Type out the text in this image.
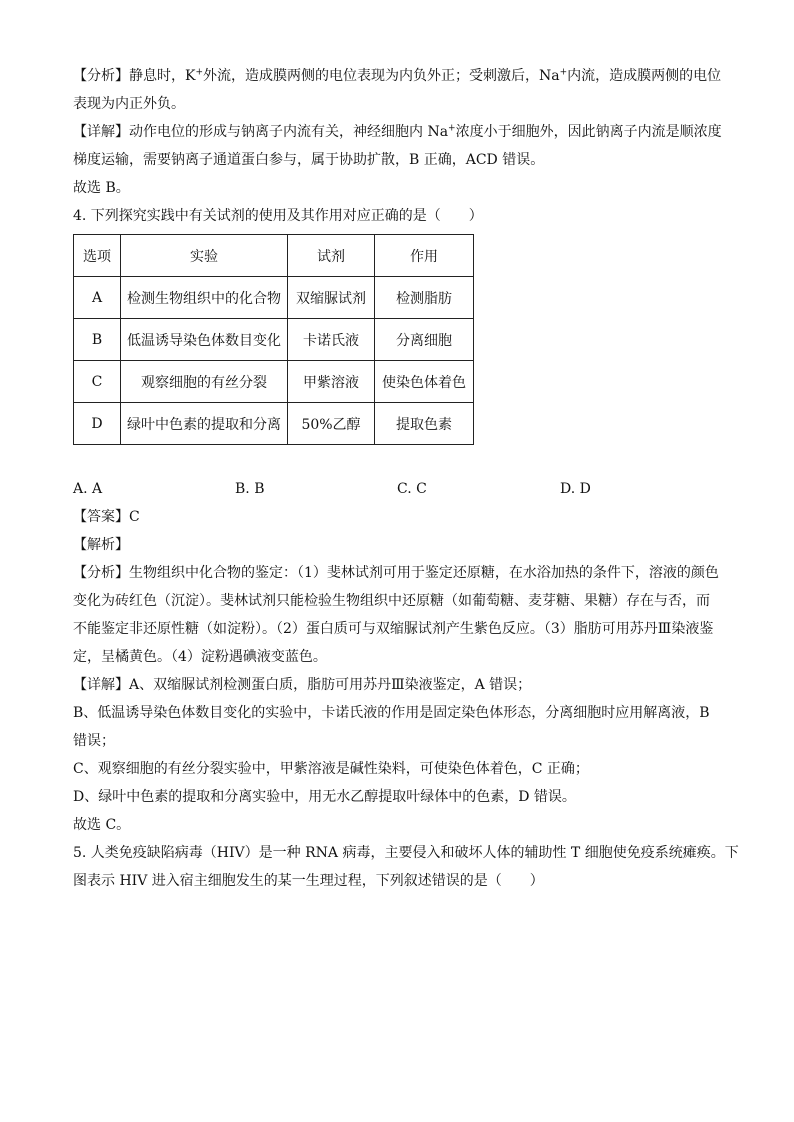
【分析】静息时，K+外流，造成膜两侧的电位表现为内负外正；受刺激后，Na+内流，造成膜两侧的电位
表现为内正外负。
【详解】动作电位的形成与钠离子内流有关，神经细胞内 Na+浓度小于细胞外，因此钠离子内流是顺浓度
梯度运输，需要钠离子通道蛋白参与，属于协助扩散，B 正确，ACD 错误。
故选 B。
4. 下列探究实践中有关试剂的使用及其作用对应正确的是（　　）
选项	实验	试剂	作用
A	检测生物组织中的化合物	双缩脲试剂	检测脂肪
B	低温诱导染色体数目变化	卡诺氏液	分离细胞
C	观察细胞的有丝分裂	甲紫溶液	使染色体着色
D	绿叶中色素的提取和分离	50%乙醇	提取色素
A. A	B. B	C. C	D. D
【答案】C
【解析】
【分析】生物组织中化合物的鉴定：（1）斐林试剂可用于鉴定还原糖，在水浴加热的条件下，溶液的颜色
变化为砖红色（沉淀）。斐林试剂只能检验生物组织中还原糖（如葡萄糖、麦芽糖、果糖）存在与否，而
不能鉴定非还原性糖（如淀粉）。（2）蛋白质可与双缩脲试剂产生紫色反应。（3）脂肪可用苏丹Ⅲ染液鉴
定，呈橘黄色。（4）淀粉遇碘液变蓝色。
【详解】A、双缩脲试剂检测蛋白质，脂肪可用苏丹Ⅲ染液鉴定，A 错误；
B、低温诱导染色体数目变化的实验中，卡诺氏液的作用是固定染色体形态，分离细胞时应用解离液，B
错误；
C、观察细胞的有丝分裂实验中，甲紫溶液是碱性染料，可使染色体着色，C 正确；
D、绿叶中色素的提取和分离实验中，用无水乙醇提取叶绿体中的色素，D 错误。
故选 C。
5. 人类免疫缺陷病毒（HIV）是一种 RNA 病毒，主要侵入和破坏人体的辅助性 T 细胞使免疫系统瘫痪。下
图表示 HIV 进入宿主细胞发生的某一生理过程，下列叙述错误的是（　　）
